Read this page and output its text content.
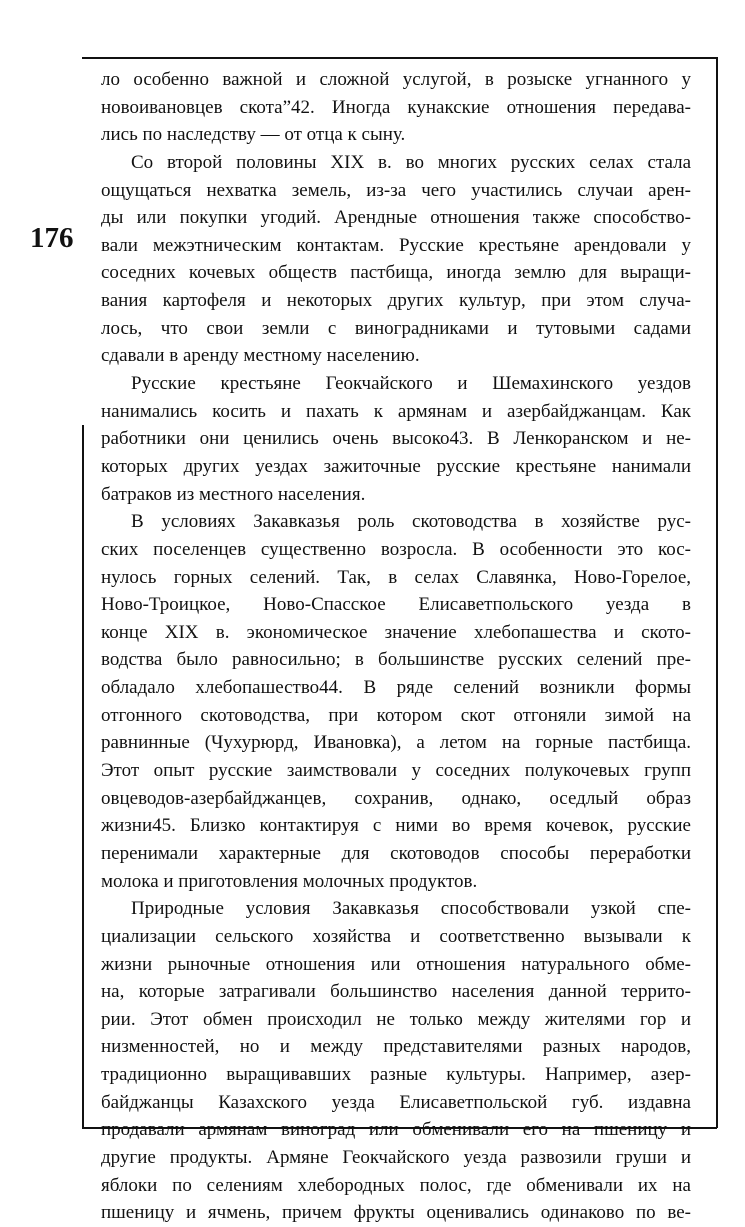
176
ло особенно важной и сложной услугой, в розыске угнанного у
новоивановцев скота”42. Иногда кунакские отношения передава-
лись по наследству — от отца к сыну.
Со второй половины XIX в. во многих русских селах стала
ощущаться нехватка земель, из-за чего участились случаи арен-
ды или покупки угодий. Арендные отношения также способство-
вали межэтническим контактам. Русские крестьяне арендовали у
соседних кочевых обществ пастбища, иногда землю для выращи-
вания картофеля и некоторых других культур, при этом случа-
лось, что свои земли с виноградниками и тутовыми садами
сдавали в аренду местному населению.
Русские крестьяне Геокчайского и Шемахинского уездов
нанимались косить и пахать к армянам и азербайджанцам. Как
работники они ценились очень высоко43. В Ленкоранском и не-
которых других уездах зажиточные русские крестьяне нанимали
батраков из местного населения.
В условиях Закавказья роль скотоводства в хозяйстве рус-
ских поселенцев существенно возросла. В особенности это кос-
нулось горных селений. Так, в селах Славянка, Ново-Горелое,
Ново-Троицкое, Ново-Спасское Елисаветпольского уезда в
конце XIX в. экономическое значение хлебопашества и ското-
водства было равносильно; в большинстве русских селений пре-
обладало хлебопашество44. В ряде селений возникли формы
отгонного скотоводства, при котором скот отгоняли зимой на
равнинные (Чухурюрд, Ивановка), а летом на горные пастбища.
Этот опыт русские заимствовали у соседних полукочевых групп
овцеводов-азербайджанцев, сохранив, однако, оседлый образ
жизни45. Близко контактируя с ними во время кочевок, русские
перенимали характерные для скотоводов способы переработки
молока и приготовления молочных продуктов.
Природные условия Закавказья способствовали узкой спе-
циализации сельского хозяйства и соответственно вызывали к
жизни рыночные отношения или отношения натурального обме-
на, которые затрагивали большинство населения данной террито-
рии. Этот обмен происходил не только между жителями гор и
низменностей, но и между представителями разных народов,
традиционно выращивавших разные культуры. Например, азер-
байджанцы Казахского уезда Елисаветпольской губ. издавна
продавали армянам виноград или обменивали его на пшеницу и
другие продукты. Армяне Геокчайского уезда развозили груши и
яблоки по селениям хлебородных полос, где обменивали их на
пшеницу и ячмень, причем фрукты оценивались одинаково по ве-
